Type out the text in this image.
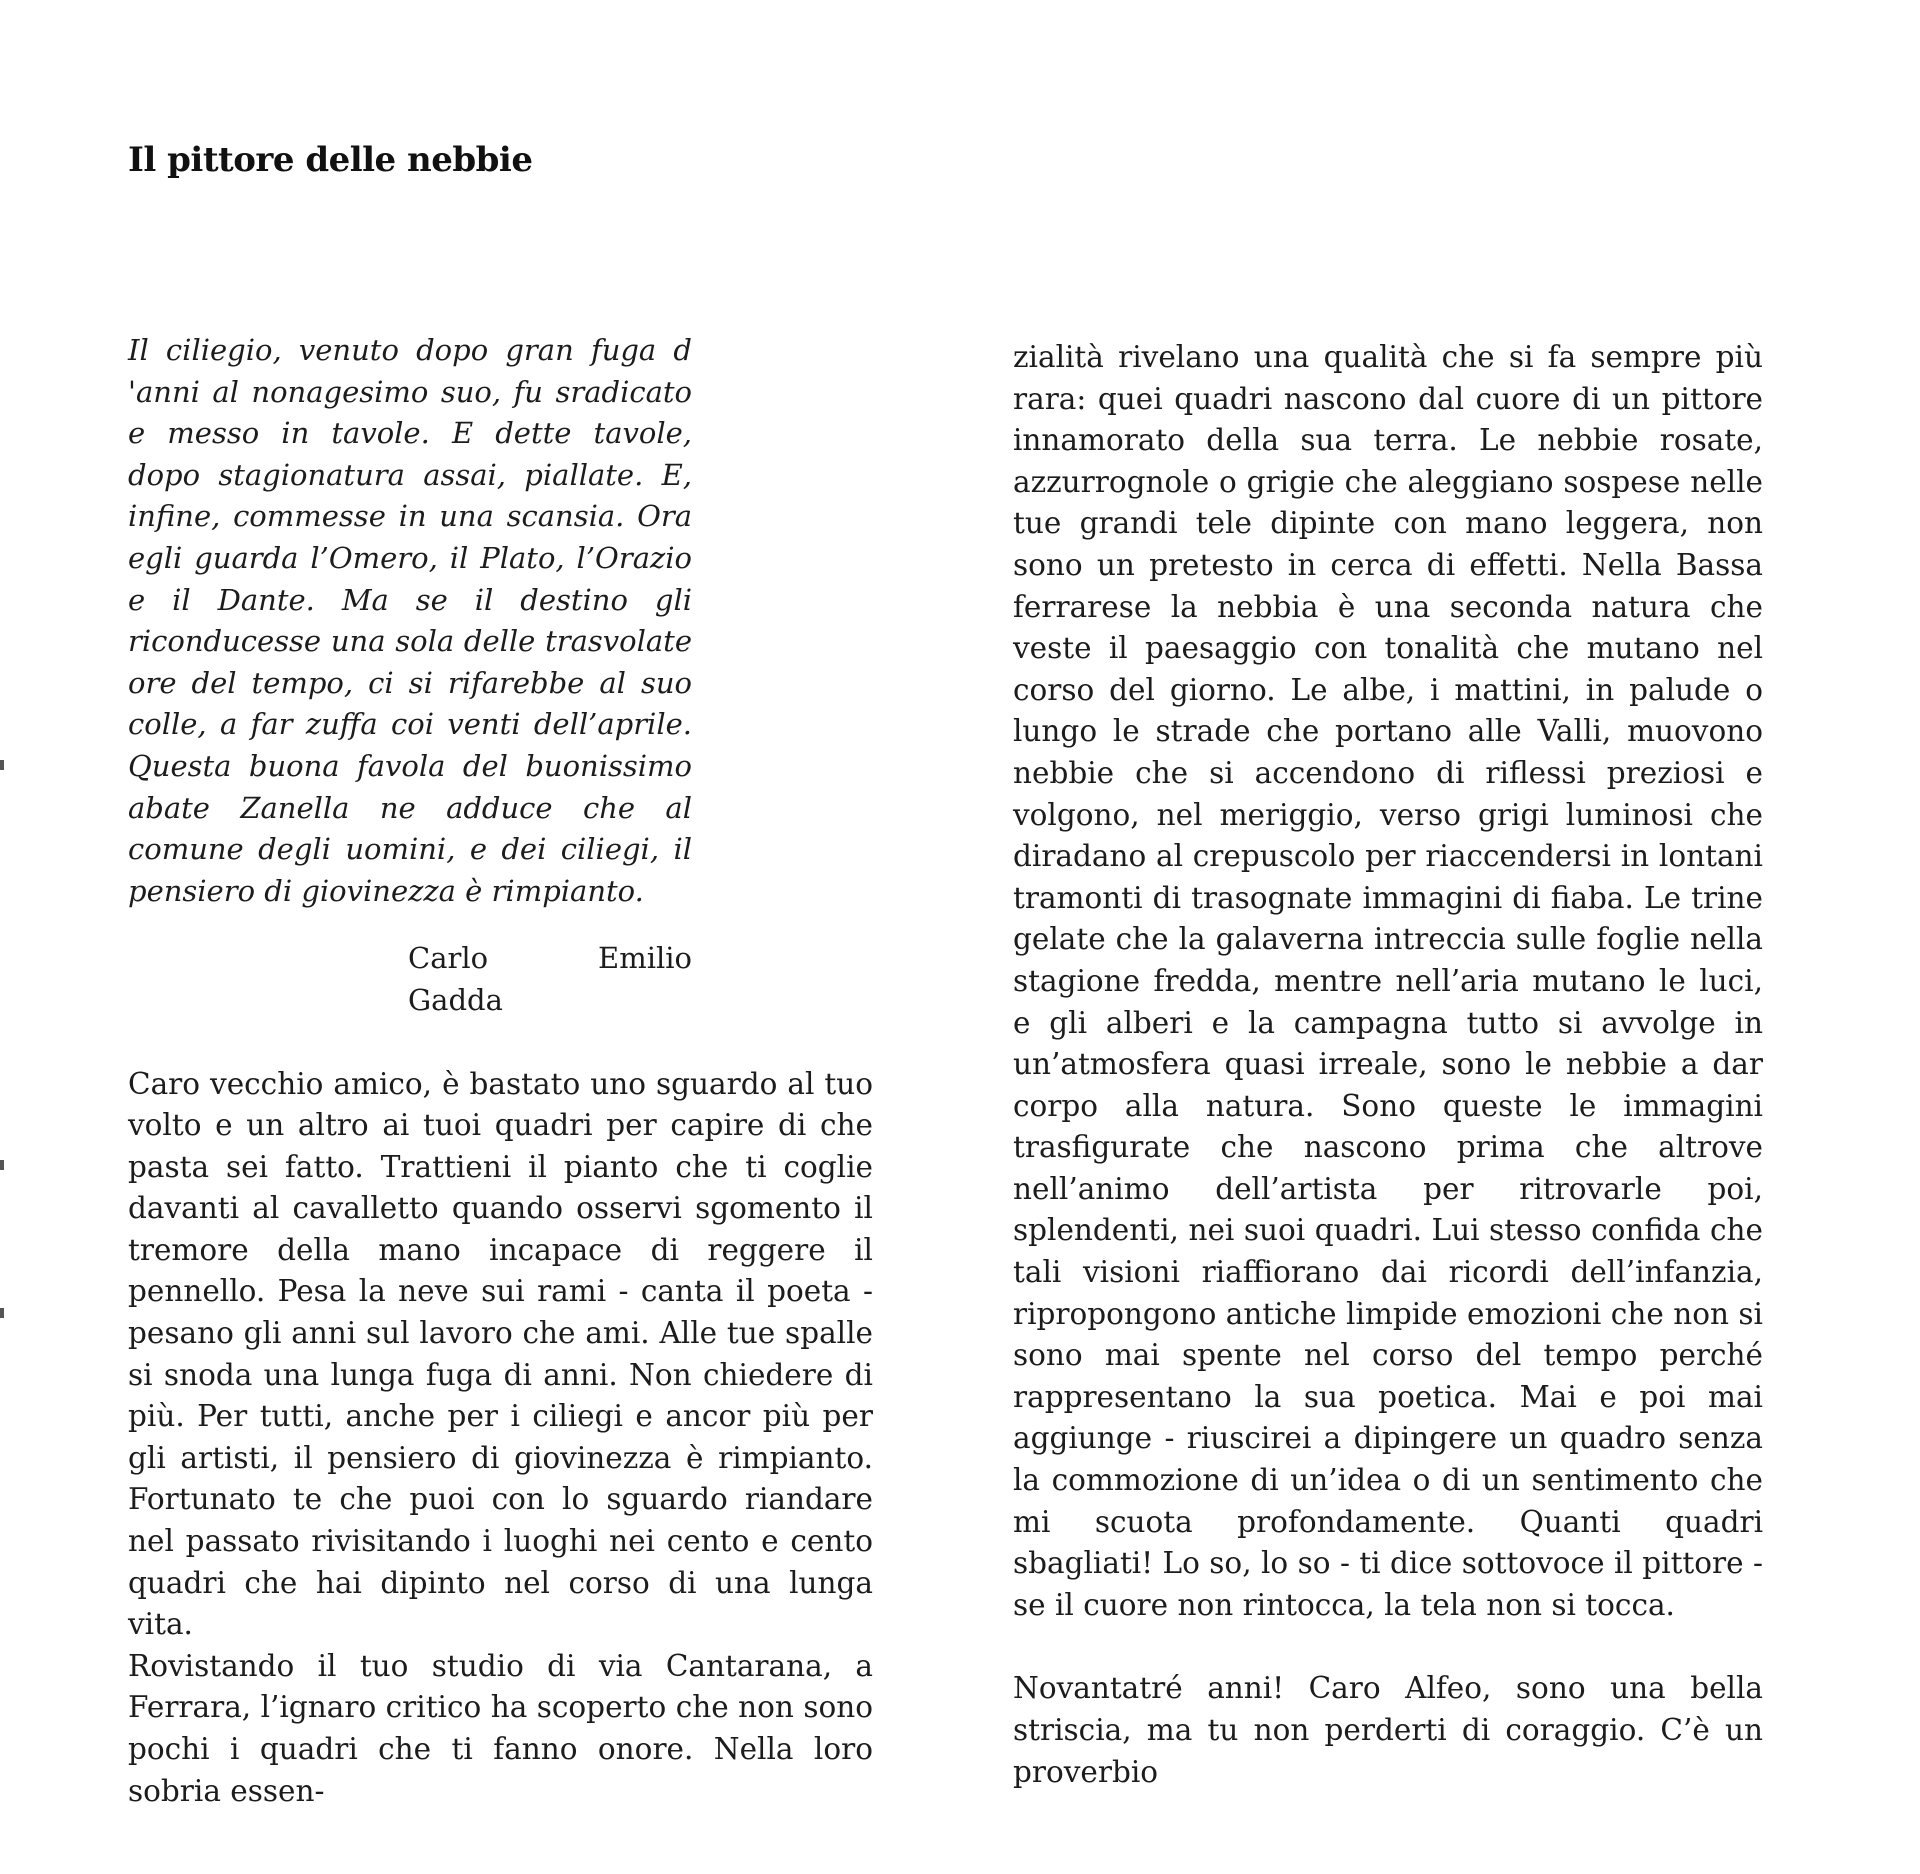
Il pittore delle nebbie

Il ciliegio, venuto dopo gran fuga d 'anni al nonagesimo suo, fu sradicato e messo in tavole. E dette tavole, dopo stagionatura assai, piallate. E, infine, commesse in una scansia. Ora egli guarda l’Omero, il Plato, l’Orazio e il Dante. Ma se il destino gli riconducesse una sola delle trasvolate ore del tempo, ci si rifarebbe al suo colle, a far zuffa coi venti dell’aprile. Questa buona favola del buonissimo abate Zanella ne adduce che al comune degli uomini, e dei ciliegi, il pensiero di giovinezza è rimpianto.

Carlo Emilio Gadda

Caro vecchio amico, è bastato uno sguardo al tuo volto e un altro ai tuoi quadri per capire di che pasta sei fatto. Trattieni il pianto che ti coglie davanti al cavalletto quando osservi sgomento il tremore della mano incapace di reggere il pennello. Pesa la neve sui rami - canta il poeta - pesano gli anni sul lavoro che ami. Alle tue spalle si snoda una lunga fuga di anni. Non chiedere di più. Per tutti, anche per i ciliegi e ancor più per gli artisti, il pensiero di giovinezza è rimpianto. Fortunato te che puoi con lo sguardo riandare nel passato rivisitando i luoghi nei cento e cento quadri che hai dipinto nel corso di una lunga vita.

Rovistando il tuo studio di via Cantarana, a Ferrara, l’ignaro critico ha scoperto che non sono pochi i quadri che ti fanno onore. Nella loro sobria essen-

zialità rivelano una qualità che si fa sempre più rara: quei quadri nascono dal cuore di un pittore innamorato della sua terra. Le nebbie rosate, azzurrognole o grigie che aleggiano sospese nelle tue grandi tele dipinte con mano leggera, non sono un pretesto in cerca di effetti. Nella Bassa ferrarese la nebbia è una seconda natura che veste il paesaggio con tonalità che mutano nel corso del giorno. Le albe, i mattini, in palude o lungo le strade che portano alle Valli, muovono nebbie che si accendono di riflessi preziosi e volgono, nel meriggio, verso grigi luminosi che diradano al crepuscolo per riaccendersi in lontani tramonti di trasognate immagini di fiaba. Le trine gelate che la galaverna intreccia sulle foglie nella stagione fredda, mentre nell’aria mutano le luci, e gli alberi e la campagna tutto si avvolge in un’atmosfera quasi irreale, sono le nebbie a dar corpo alla natura. Sono queste le immagini trasfigurate che nascono prima che altrove nell’animo dell’artista per ritrovarle poi, splendenti, nei suoi quadri. Lui stesso confida che tali visioni riaffiorano dai ricordi dell’infanzia, ripropongono antiche limpide emozioni che non si sono mai spente nel corso del tempo perché rappresentano la sua poetica. Mai e poi mai aggiunge - riuscirei a dipingere un quadro senza la commozione di un’idea o di un sentimento che mi scuota profondamente. Quanti quadri sbagliati! Lo so, lo so - ti dice sottovoce il pittore - se il cuore non rintocca, la tela non si tocca.

Novantatré anni! Caro Alfeo, sono una bella striscia, ma tu non perderti di coraggio. C’è un proverbio
